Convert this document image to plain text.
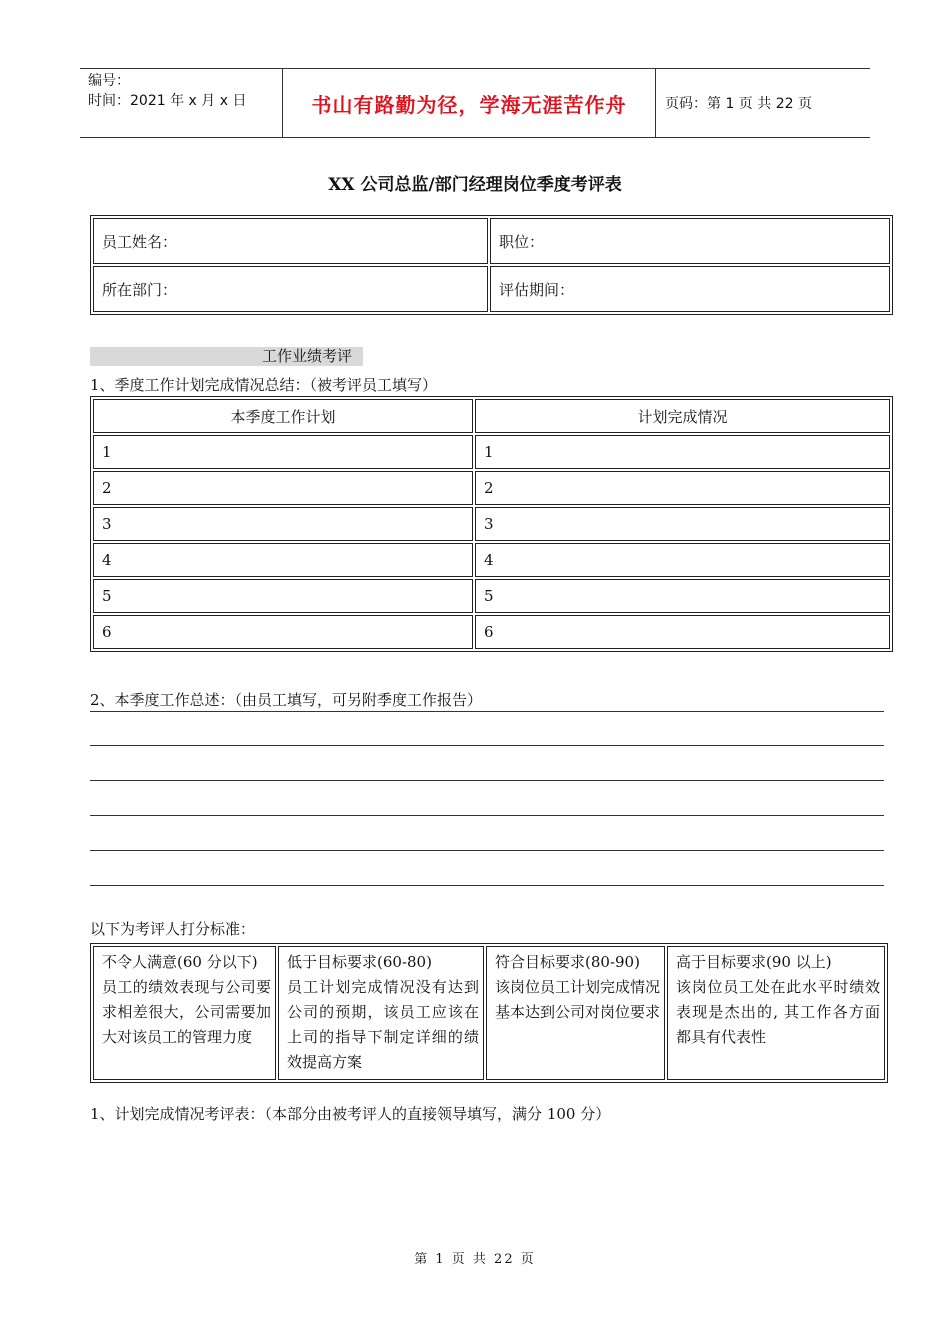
编号：
时间：2021 年 x 月 x 日	书山有路勤为径，学海无涯苦作舟	页码：第 1 页 共 22 页
XX 公司总监/部门经理岗位季度考评表
员工姓名：	职位：
所在部门：	评估期间：
工作业绩考评
1、季度工作计划完成情况总结：（被考评员工填写）
本季度工作计划	计划完成情况
1	1
2	2
3	3
4	4
5	5
6	6
2、本季度工作总述：（由员工填写，可另附季度工作报告）
以下为考评人打分标准：
不令人满意(60 分以下)
员工的绩效表现与公司要求相差很大，公司需要加大对该员工的管理力度

低于目标要求(60-80)
员工计划完成情况没有达到公司的预期，该员工应该在上司的指导下制定详细的绩效提高方案

符合目标要求(80-90)
该岗位员工计划完成情况基本达到公司对岗位要求

高于目标要求(90 以上)
该岗位员工处在此水平时绩效表现是杰出的, 其工作各方面都具有代表性
1、计划完成情况考评表：（本部分由被考评人的直接领导填写，满分 100 分）
第 1 页 共 22 页
